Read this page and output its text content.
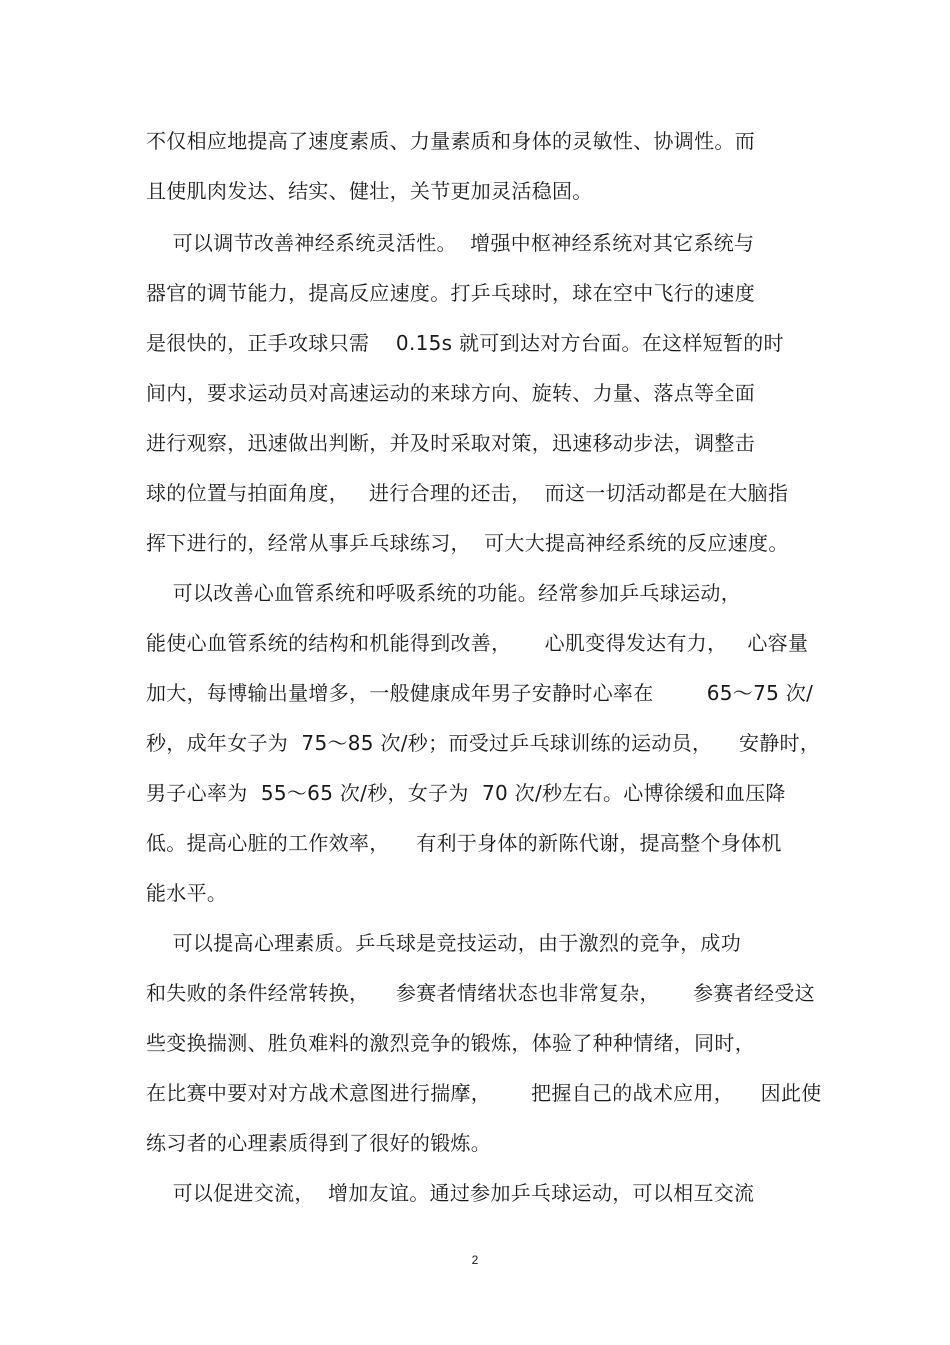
不仅相应地提高了速度素质、力量素质和身体的灵敏性、协调性。而
且使肌肉发达、结实、健壮，关节更加灵活稳固。
可以调节改善神经系统灵活性。  增强中枢神经系统对其它系统与
器官的调节能力，提高反应速度。打乒乓球时，球在空中飞行的速度
是很快的，正手攻球只需    0.15s 就可到达对方台面。在这样短暂的时
间内，要求运动员对高速运动的来球方向、旋转、力量、落点等全面
进行观察，迅速做出判断，并及时采取对策，迅速移动步法，调整击
球的位置与拍面角度，   进行合理的还击，  而这一切活动都是在大脑指
挥下进行的，经常从事乒乓球练习，  可大大提高神经系统的反应速度。
可以改善心血管系统和呼吸系统的功能。经常参加乒乓球运动，
能使心血管系统的结构和机能得到改善，     心肌变得发达有力，   心容量
加大，每博输出量增多，一般健康成年男子安静时心率在        65～75 次/
秒，成年女子为  75～85 次/秒；而受过乒乓球训练的运动员，    安静时，
男子心率为  55～65 次/秒，女子为  70 次/秒左右。心博徐缓和血压降
低。提高心脏的工作效率，    有利于身体的新陈代谢，提高整个身体机
能水平。
可以提高心理素质。乒乓球是竞技运动，由于激烈的竞争，成功
和失败的条件经常转换，    参赛者情绪状态也非常复杂，     参赛者经受这
些变换揣测、胜负难料的激烈竞争的锻炼，体验了种种情绪，同时，
在比赛中要对对方战术意图进行揣摩，      把握自己的战术应用，    因此使
练习者的心理素质得到了很好的锻炼。
可以促进交流，  增加友谊。通过参加乒乓球运动，可以相互交流
2
